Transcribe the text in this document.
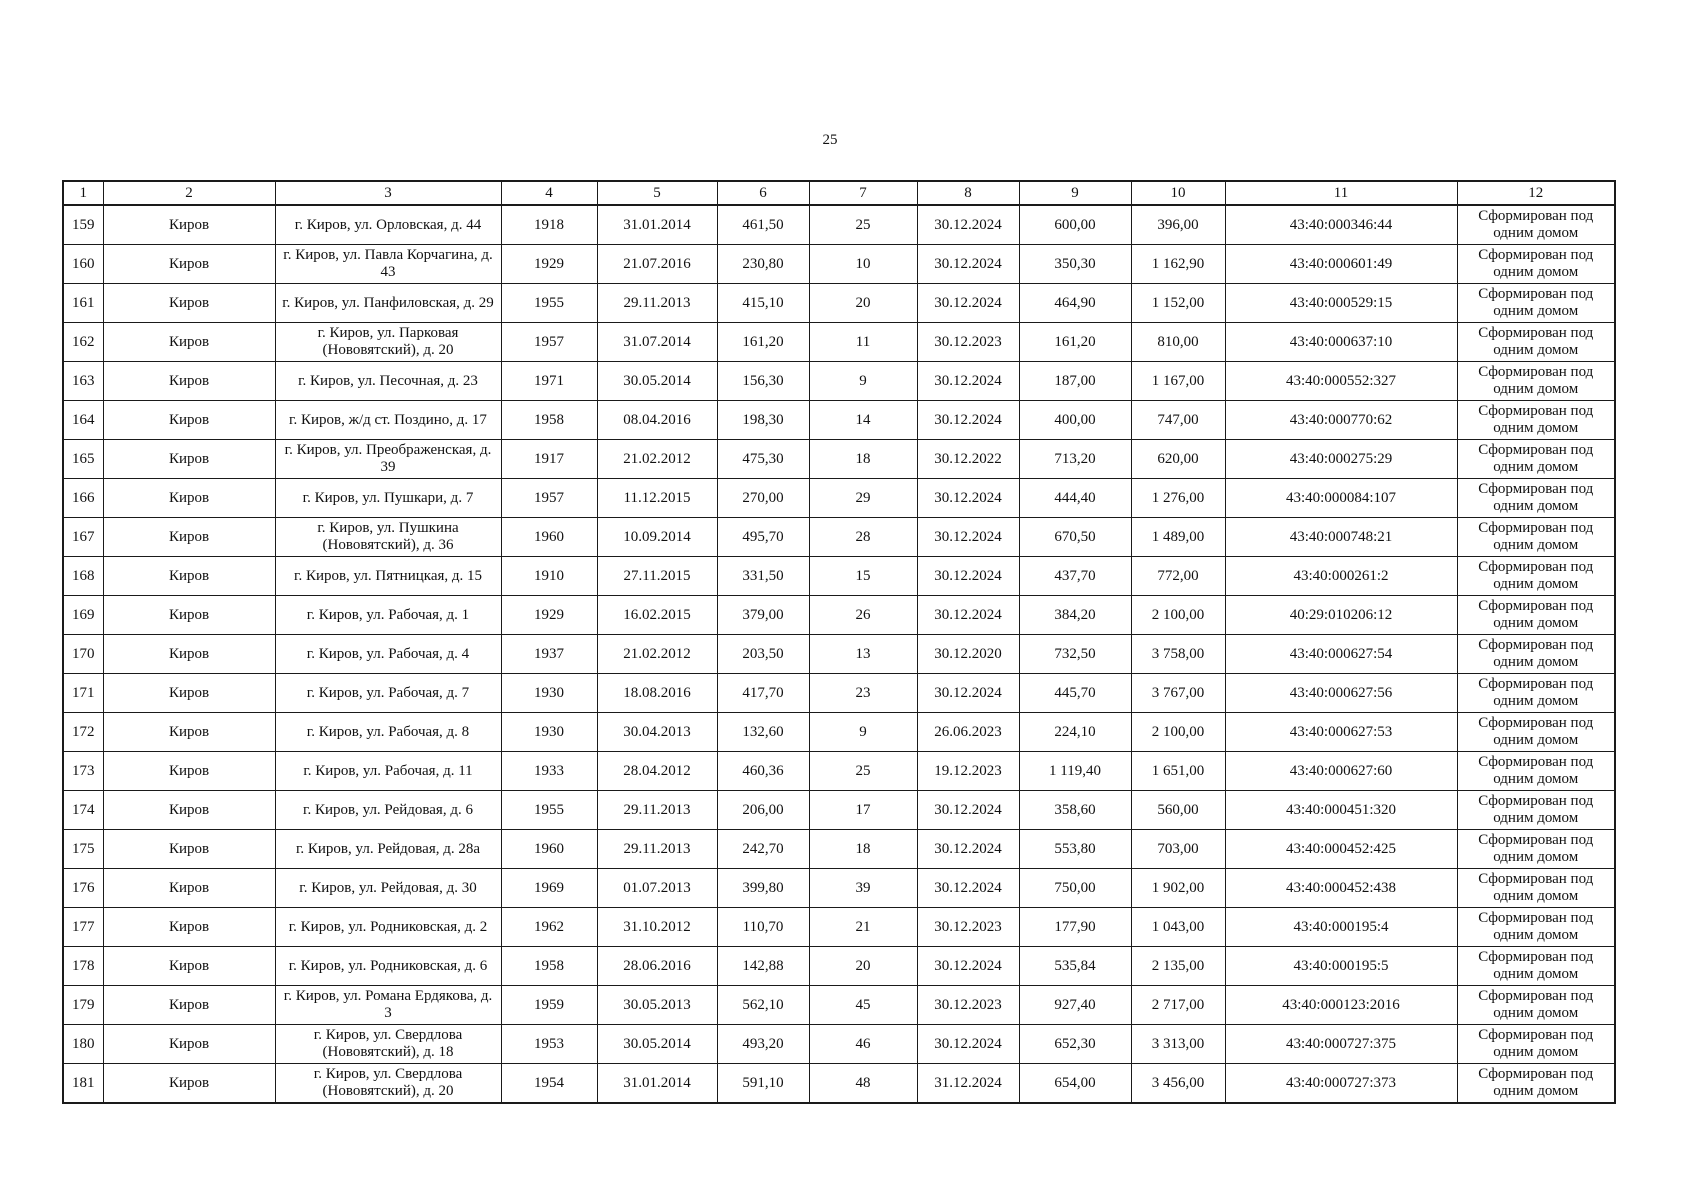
25
1	2	3	4	5	6	7	8	9	10	11	12
159	Киров	г. Киров, ул. Орловская, д. 44	1918	31.01.2014	461,50	25	30.12.2024	600,00	396,00	43:40:000346:44	Сформирован под одним домом
160	Киров	г. Киров, ул. Павла Корчагина, д. 43	1929	21.07.2016	230,80	10	30.12.2024	350,30	1 162,90	43:40:000601:49	Сформирован под одним домом
161	Киров	г. Киров, ул. Панфиловская, д. 29	1955	29.11.2013	415,10	20	30.12.2024	464,90	1 152,00	43:40:000529:15	Сформирован под одним домом
162	Киров	г. Киров, ул. Парковая (Нововятский), д. 20	1957	31.07.2014	161,20	11	30.12.2023	161,20	810,00	43:40:000637:10	Сформирован под одним домом
163	Киров	г. Киров, ул. Песочная, д. 23	1971	30.05.2014	156,30	9	30.12.2024	187,00	1 167,00	43:40:000552:327	Сформирован под одним домом
164	Киров	г. Киров, ж/д ст. Поздино, д. 17	1958	08.04.2016	198,30	14	30.12.2024	400,00	747,00	43:40:000770:62	Сформирован под одним домом
165	Киров	г. Киров, ул. Преображенская, д. 39	1917	21.02.2012	475,30	18	30.12.2022	713,20	620,00	43:40:000275:29	Сформирован под одним домом
166	Киров	г. Киров, ул. Пушкари, д. 7	1957	11.12.2015	270,00	29	30.12.2024	444,40	1 276,00	43:40:000084:107	Сформирован под одним домом
167	Киров	г. Киров, ул. Пушкина (Нововятский), д. 36	1960	10.09.2014	495,70	28	30.12.2024	670,50	1 489,00	43:40:000748:21	Сформирован под одним домом
168	Киров	г. Киров, ул. Пятницкая, д. 15	1910	27.11.2015	331,50	15	30.12.2024	437,70	772,00	43:40:000261:2	Сформирован под одним домом
169	Киров	г. Киров, ул. Рабочая, д. 1	1929	16.02.2015	379,00	26	30.12.2024	384,20	2 100,00	40:29:010206:12	Сформирован под одним домом
170	Киров	г. Киров, ул. Рабочая, д. 4	1937	21.02.2012	203,50	13	30.12.2020	732,50	3 758,00	43:40:000627:54	Сформирован под одним домом
171	Киров	г. Киров, ул. Рабочая, д. 7	1930	18.08.2016	417,70	23	30.12.2024	445,70	3 767,00	43:40:000627:56	Сформирован под одним домом
172	Киров	г. Киров, ул. Рабочая, д. 8	1930	30.04.2013	132,60	9	26.06.2023	224,10	2 100,00	43:40:000627:53	Сформирован под одним домом
173	Киров	г. Киров, ул. Рабочая, д. 11	1933	28.04.2012	460,36	25	19.12.2023	1 119,40	1 651,00	43:40:000627:60	Сформирован под одним домом
174	Киров	г. Киров, ул. Рейдовая, д. 6	1955	29.11.2013	206,00	17	30.12.2024	358,60	560,00	43:40:000451:320	Сформирован под одним домом
175	Киров	г. Киров, ул. Рейдовая, д. 28а	1960	29.11.2013	242,70	18	30.12.2024	553,80	703,00	43:40:000452:425	Сформирован под одним домом
176	Киров	г. Киров, ул. Рейдовая, д. 30	1969	01.07.2013	399,80	39	30.12.2024	750,00	1 902,00	43:40:000452:438	Сформирован под одним домом
177	Киров	г. Киров, ул. Родниковская, д. 2	1962	31.10.2012	110,70	21	30.12.2023	177,90	1 043,00	43:40:000195:4	Сформирован под одним домом
178	Киров	г. Киров, ул. Родниковская, д. 6	1958	28.06.2016	142,88	20	30.12.2024	535,84	2 135,00	43:40:000195:5	Сформирован под одним домом
179	Киров	г. Киров, ул. Романа Ердякова, д. 3	1959	30.05.2013	562,10	45	30.12.2023	927,40	2 717,00	43:40:000123:2016	Сформирован под одним домом
180	Киров	г. Киров, ул. Свердлова (Нововятский), д. 18	1953	30.05.2014	493,20	46	30.12.2024	652,30	3 313,00	43:40:000727:375	Сформирован под одним домом
181	Киров	г. Киров, ул. Свердлова (Нововятский), д. 20	1954	31.01.2014	591,10	48	31.12.2024	654,00	3 456,00	43:40:000727:373	Сформирован под одним домом
